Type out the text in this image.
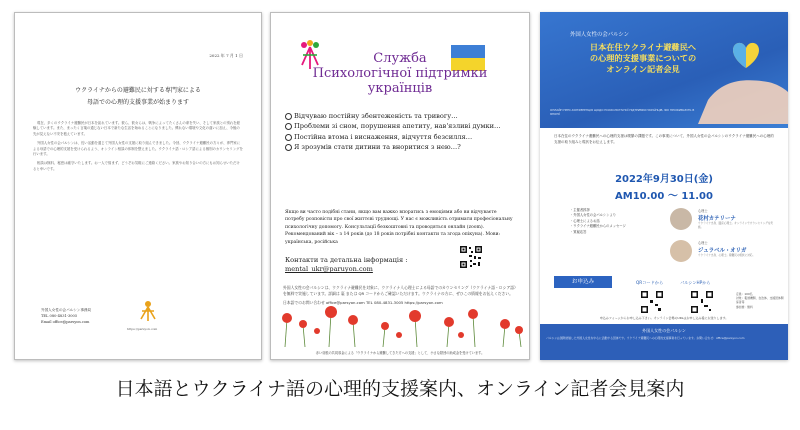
2022 年 7 月 1 日
ウクライナからの避難民に対する専門家による
母語での心理的支援事業が始まります

現在、多くのウクライナ避難民が日本を訪れています。彼ら、彼女らは、戦争によってたくさんの命を失い、そして家族との別れを経験しています。また、まったく言葉の通じない日本で新たな生活を始めることになりました。慣れない環境や文化の違いに加え、今後の先が見えない不安を抱えています。

外国人女性の会パルシンは、長い活動を通じて外国人女性の支援に取り組んできました。今回、ウクライナ避難民の方々が、専門家による母語での心理的支援を受けられるよう、オンライン相談の体制を整えました。ウクライナ語・ロシア語による個別のカウンセリングを行います。

相談は無料、秘密は厳守いたします。お一人で悩まず、どうぞお気軽にご連絡ください。家族やお知り合いの方にもお知らせいただけると幸いです。

外国人女性の会パルシン事務局
TEL 080-4831-3005
Email office@parsyon.com
https://parsyon.com
Служба
Психологічної підтримки
українців
Відчуваю постійну збентеженість та тривогу…
Проблеми зі сном, порушення апетиту, нав'язливі думки…
Постійна втома і виснаження, відчуття безсилля…
Я зрозумів стати дитини та вноритися з нею…?
Якщо ви часто подібні стани, якщо вам важко впоратись з емоціями або ви відчуваєте потребу розповісти про свої життєві труднощі. У нас є можливість отримати професіональну психологічну допомогу. Консультації безкоштовні та проводяться онлайн (zoom). Рекомендований вік – з 14 років (до 18 років потрібні контакти та згода опікуна). Мови: українська, російська
Контакти та детальна інформація :
mental_ukr@paruyon.com
外国人女性の会パルシンは、ウクライナ避難民を対象に、ウクライナ人心理士による母語でのカウンセリング（ウクライナ語・ロシア語）を無料で実施しています。詳細は 裏 または QR コードからご確認いただけます。ウクライナの方に、ぜひこの情報をお伝えください。
日本語でのお問い合わせ office@parsyon.com TEL 080-4831-3005 https://parsyon.com
赤い羽根の共同募金による「ウクライナから避難してきた方への支援」として、小さな財団の助成金を受けています。
外国人女性の会パルシン
日本在住ウクライナ避難民への心理的支援事業についてのオンライン記者会見
ОНЛАЙН ПРЕС-КОНФЕРЕНЦІЯ ЩОДО ПСИХОЛОГІЧНОЇ ПІДТРИМКИ УКРАЇНЦІВ, ЯКІ ПРОЖИВАЮТЬ В ЯПОНІЇ
日本在住のウクライナ避難民への心理的支援は喫緊の課題です。この事業について、外国人女性の会パルシンのウクライナ避難民への心理的支援の取り組みと現状をお伝えします。
2022年9月30日(金)
AM10.00 ～ 11.00
・主催者挨拶
・外国人女性の会パルシンより
・心理士によるお話
・ウクライナ避難民からのメッセージ
・質疑応答
心理士
花村カテリーナ
ウクライナ出身、臨床心理士。オンラインでカウンセリングを実施。
心理士
ジュラベル・オリガ
ウクライナ出身、心理士。避難民の相談に対応。
お申込み	QRコードから	パルシンHPから
定員：100名
対象：報道機関、自治体、支援団体関係者等
参加費：無料
申込みフォームからお申し込み下さい。オンライン会場のURLはお申し込み後にお送りします。
外国人女性の会パルシン
パルシンは国際結婚した外国人女性を中心に活動する団体です。ウクライナ避難民への心理的支援事業を行っています。お問い合わせ：office@parsyon.com
日本語とウクライナ語の心理的支援案内、オンライン記者会見案内
